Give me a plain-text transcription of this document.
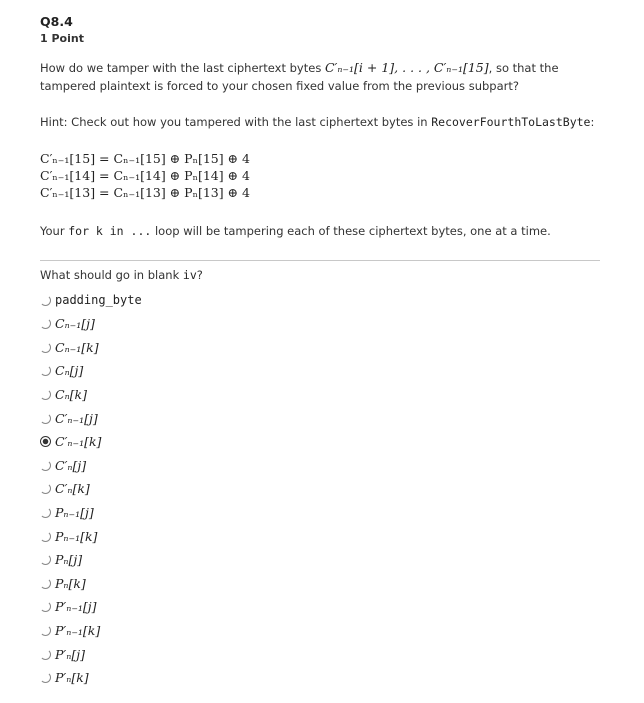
Q8.4
1 Point
How do we tamper with the last ciphertext bytes C′ₙ₋₁[i + 1], . . . , C′ₙ₋₁[15], so that the tampered plaintext is forced to your chosen fixed value from the previous subpart?
Hint: Check out how you tampered with the last ciphertext bytes in RecoverFourthToLastByte:
C′ₙ₋₁[15] = Cₙ₋₁[15] ⊕ Pₙ[15] ⊕ 4
C′ₙ₋₁[14] = Cₙ₋₁[14] ⊕ Pₙ[14] ⊕ 4
C′ₙ₋₁[13] = Cₙ₋₁[13] ⊕ Pₙ[13] ⊕ 4
Your for k in ... loop will be tampering each of these ciphertext bytes, one at a time.
What should go in blank iv?
padding_byte
Cₙ₋₁[j]
Cₙ₋₁[k]
Cₙ[j]
Cₙ[k]
C′ₙ₋₁[j]
C′ₙ₋₁[k]
C′ₙ[j]
C′ₙ[k]
Pₙ₋₁[j]
Pₙ₋₁[k]
Pₙ[j]
Pₙ[k]
P′ₙ₋₁[j]
P′ₙ₋₁[k]
P′ₙ[j]
P′ₙ[k]
